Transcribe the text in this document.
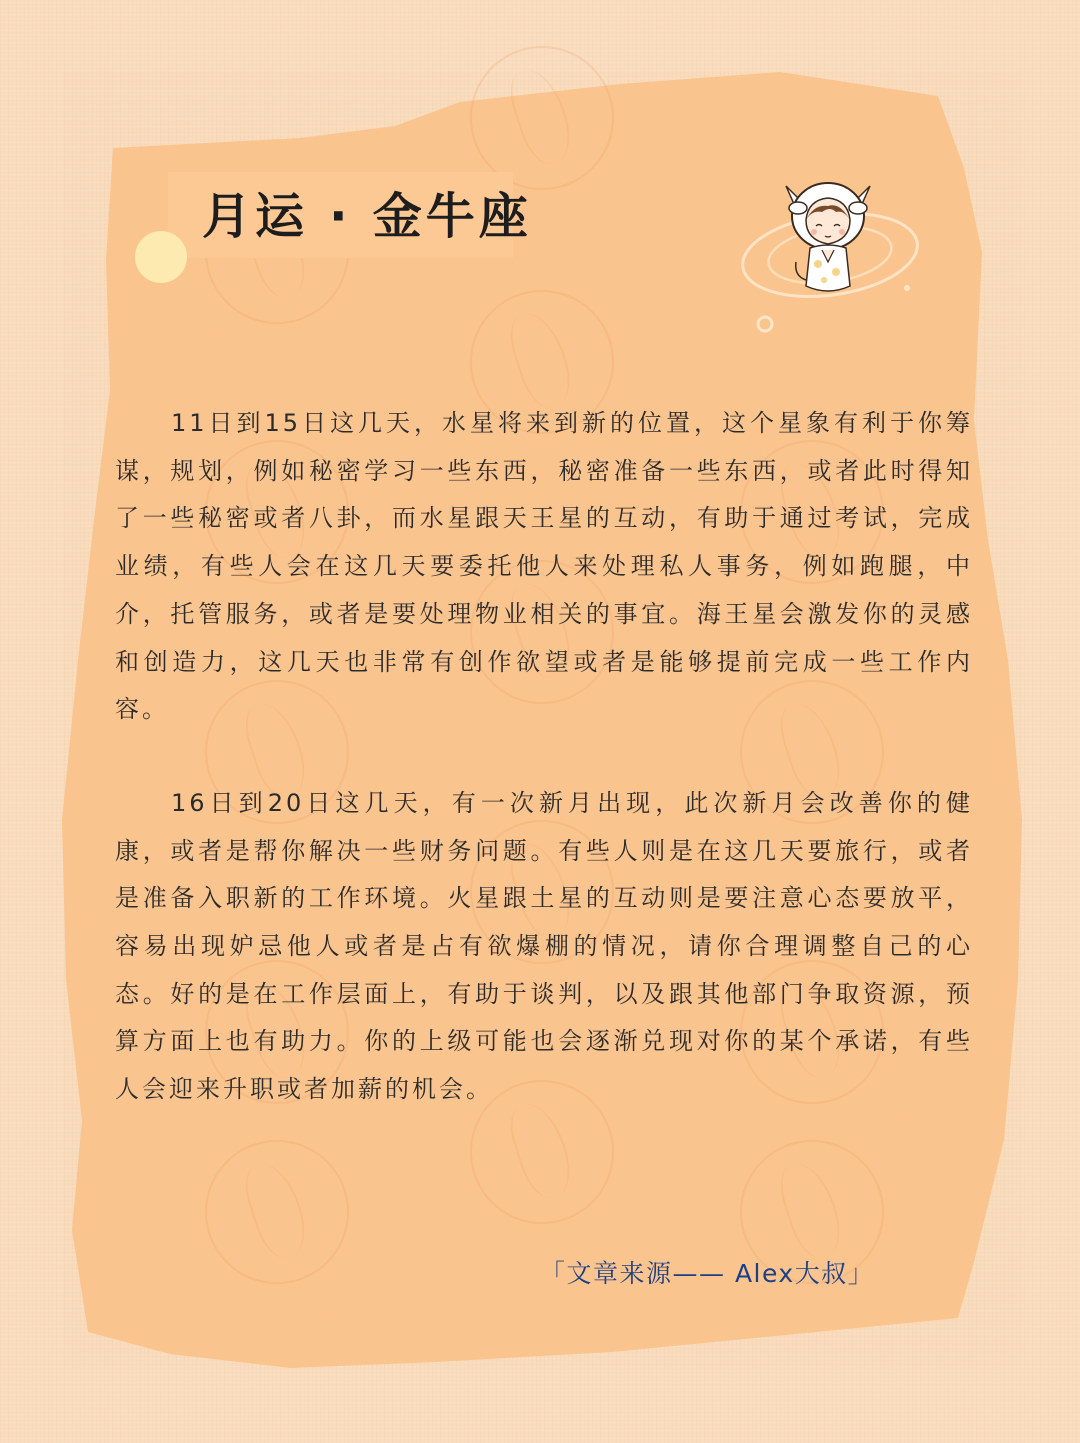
月运 · 金牛座

11日到15日这几天，水星将来到新的位置，这个星象有利于你筹谋，规划，例如秘密学习一些东西，秘密准备一些东西，或者此时得知了一些秘密或者八卦，而水星跟天王星的互动，有助于通过考试，完成业绩，有些人会在这几天要委托他人来处理私人事务，例如跑腿，中介，托管服务，或者是要处理物业相关的事宜。海王星会激发你的灵感和创造力，这几天也非常有创作欲望或者是能够提前完成一些工作内容。

16日到20日这几天，有一次新月出现，此次新月会改善你的健康，或者是帮你解决一些财务问题。有些人则是在这几天要旅行，或者是准备入职新的工作环境。火星跟土星的互动则是要注意心态要放平，容易出现妒忌他人或者是占有欲爆棚的情况，请你合理调整自己的心态。好的是在工作层面上，有助于谈判，以及跟其他部门争取资源，预算方面上也有助力。你的上级可能也会逐渐兑现对你的某个承诺，有些人会迎来升职或者加薪的机会。

「文章来源—— Alex大叔」
